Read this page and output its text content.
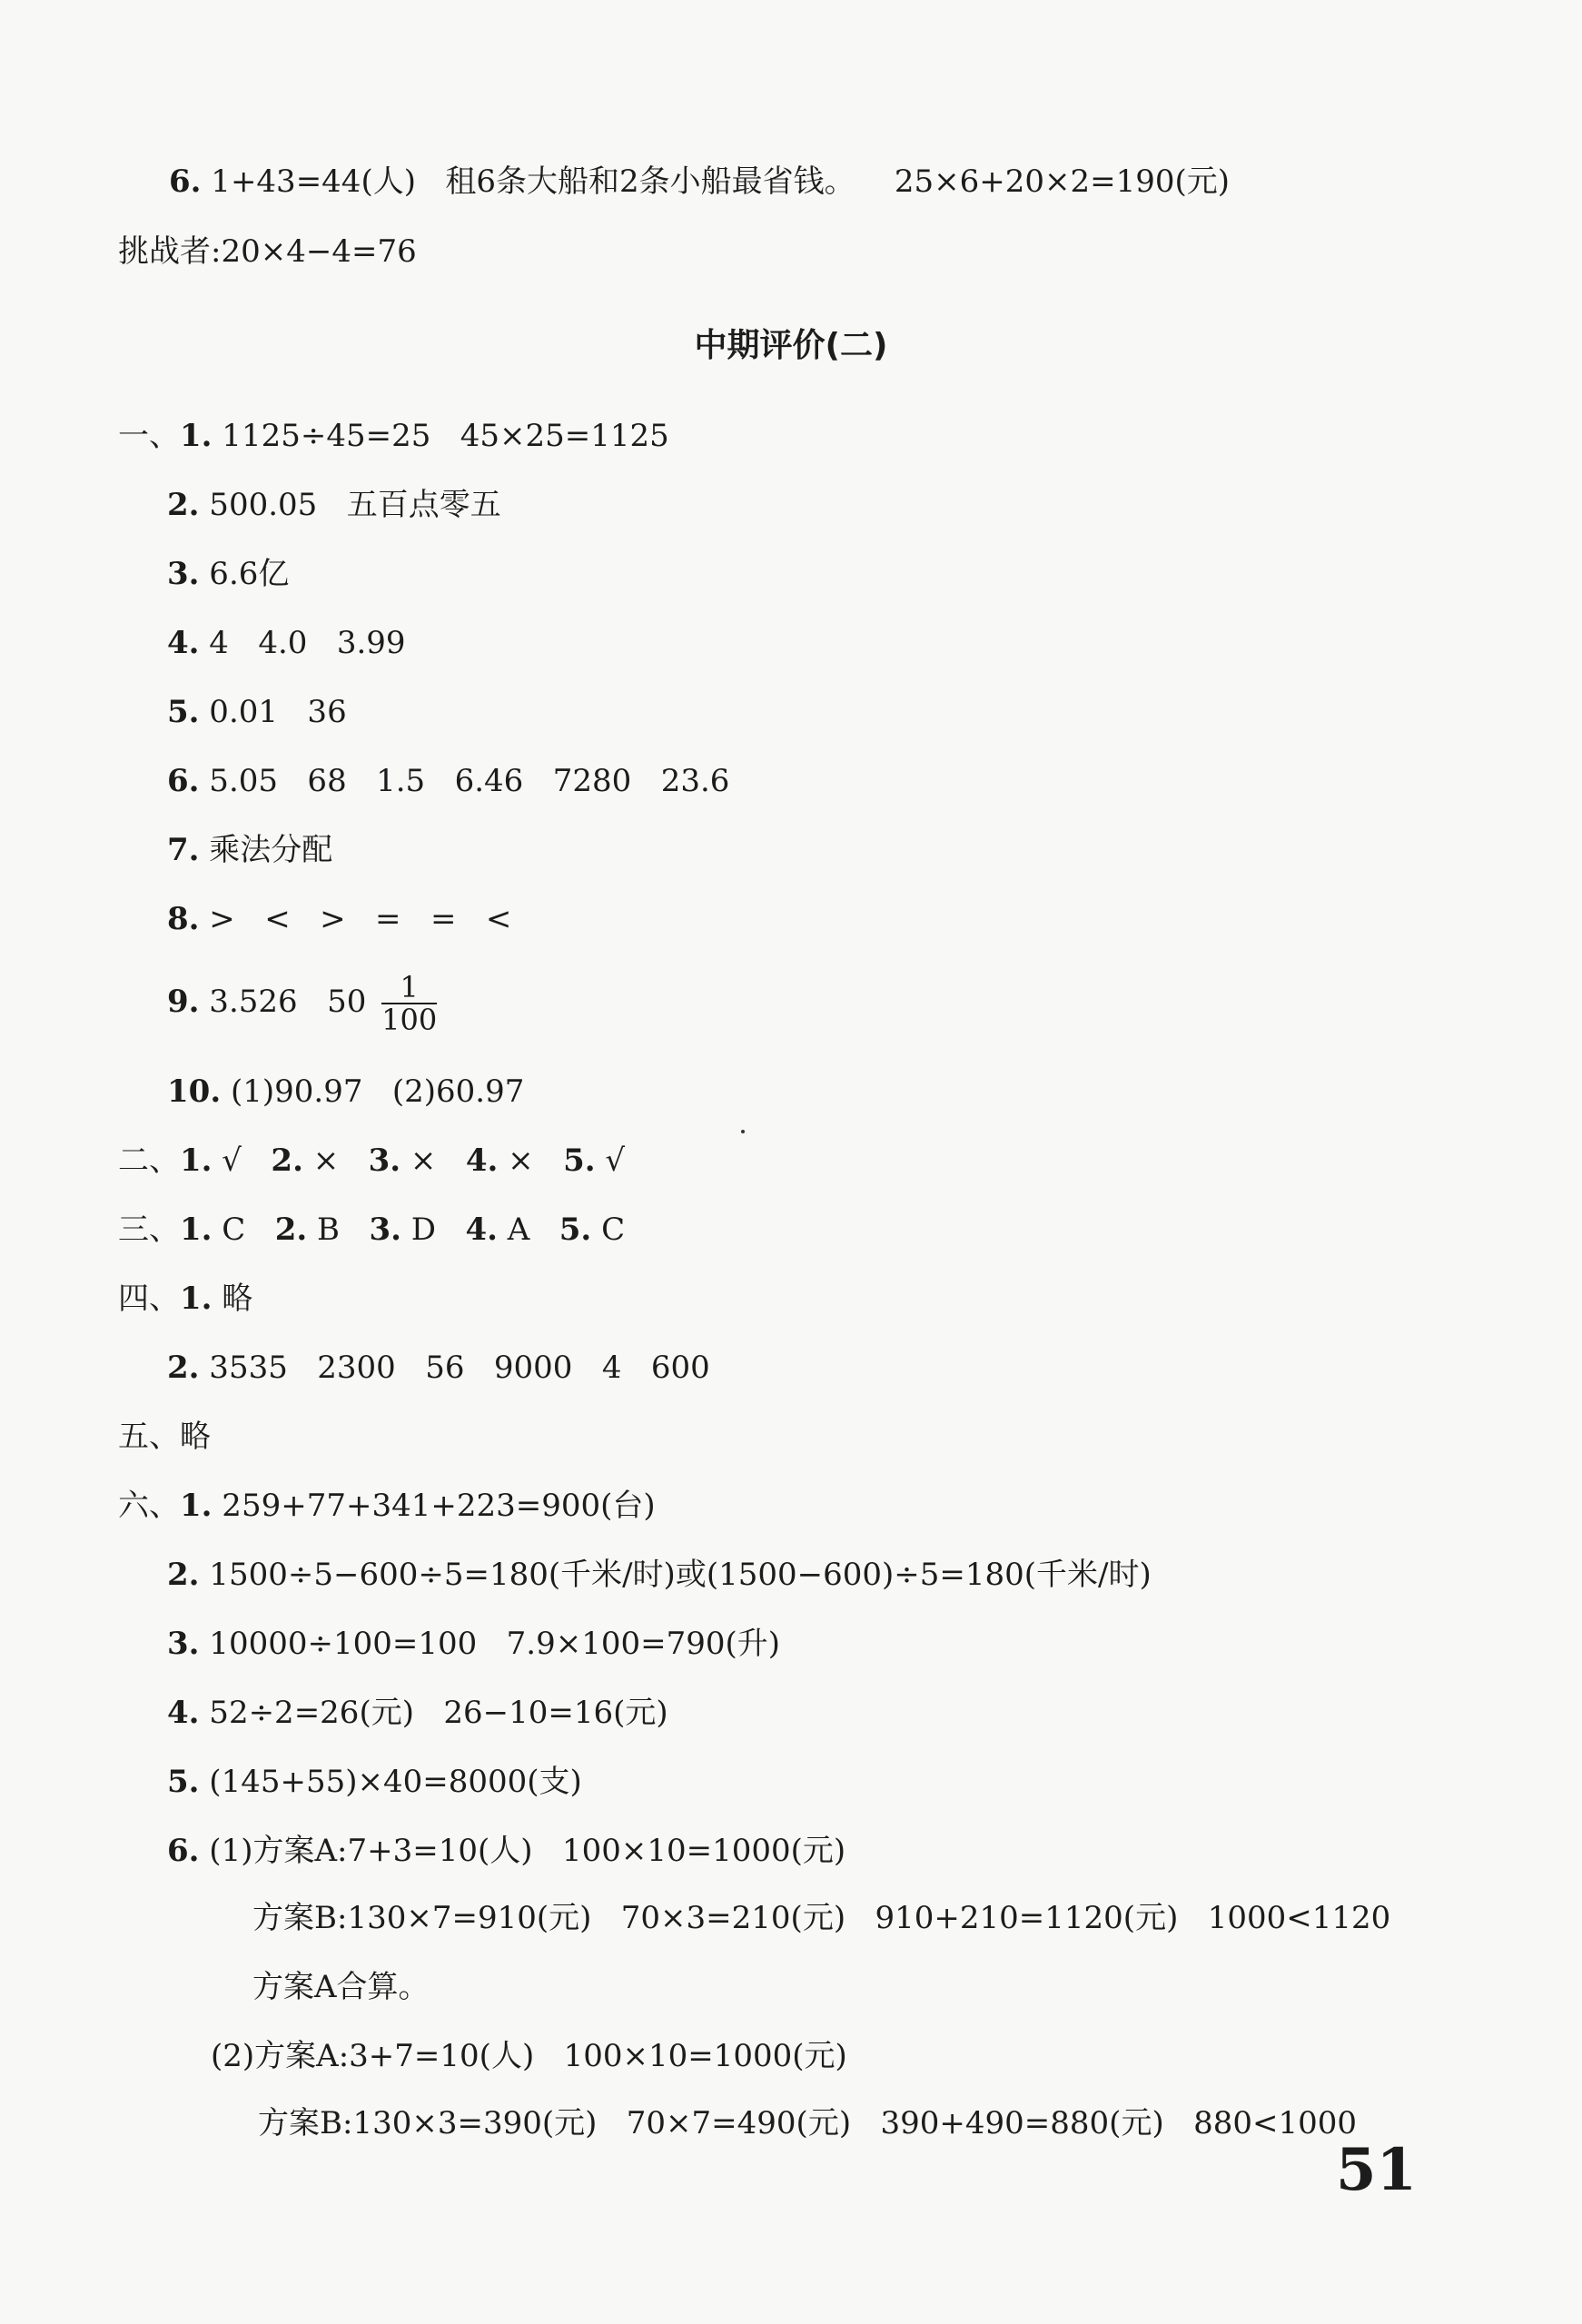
6. 1+43=44(人)   租6条大船和2条小船最省钱。    25×6+20×2=190(元)
挑战者:20×4−4=76
中期评价(二)
一、1. 1125÷45=25   45×25=1125
2. 500.05   五百点零五
3. 6.6亿
4. 4   4.0   3.99
5. 0.01   36
6. 5.05   68   1.5   6.46   7280   23.6
7. 乘法分配
8. >   <   >   =   =   <
9. 3.526   $50 \frac{1}{100}$
10. (1)90.97   (2)60.97
二、1. √   2. ×   3. ×   4. ×   5. √
三、1. C   2. B   3. D   4. A   5. C
四、1. 略
2. 3535   2300   56   9000   4   600
五、略
六、1. 259+77+341+223=900(台)
2. 1500÷5−600÷5=180(千米/时)或(1500−600)÷5=180(千米/时)
3. 10000÷100=100   7.9×100=790(升)
4. 52÷2=26(元)   26−10=16(元)
5. (145+55)×40=8000(支)
6. (1)方案A:7+3=10(人)   100×10=1000(元)
方案B:130×7=910(元)   70×3=210(元)   910+210=1120(元)   1000<1120
方案A合算。
(2)方案A:3+7=10(人)   100×10=1000(元)
方案B:130×3=390(元)   70×7=490(元)   390+490=880(元)   880<1000
51
